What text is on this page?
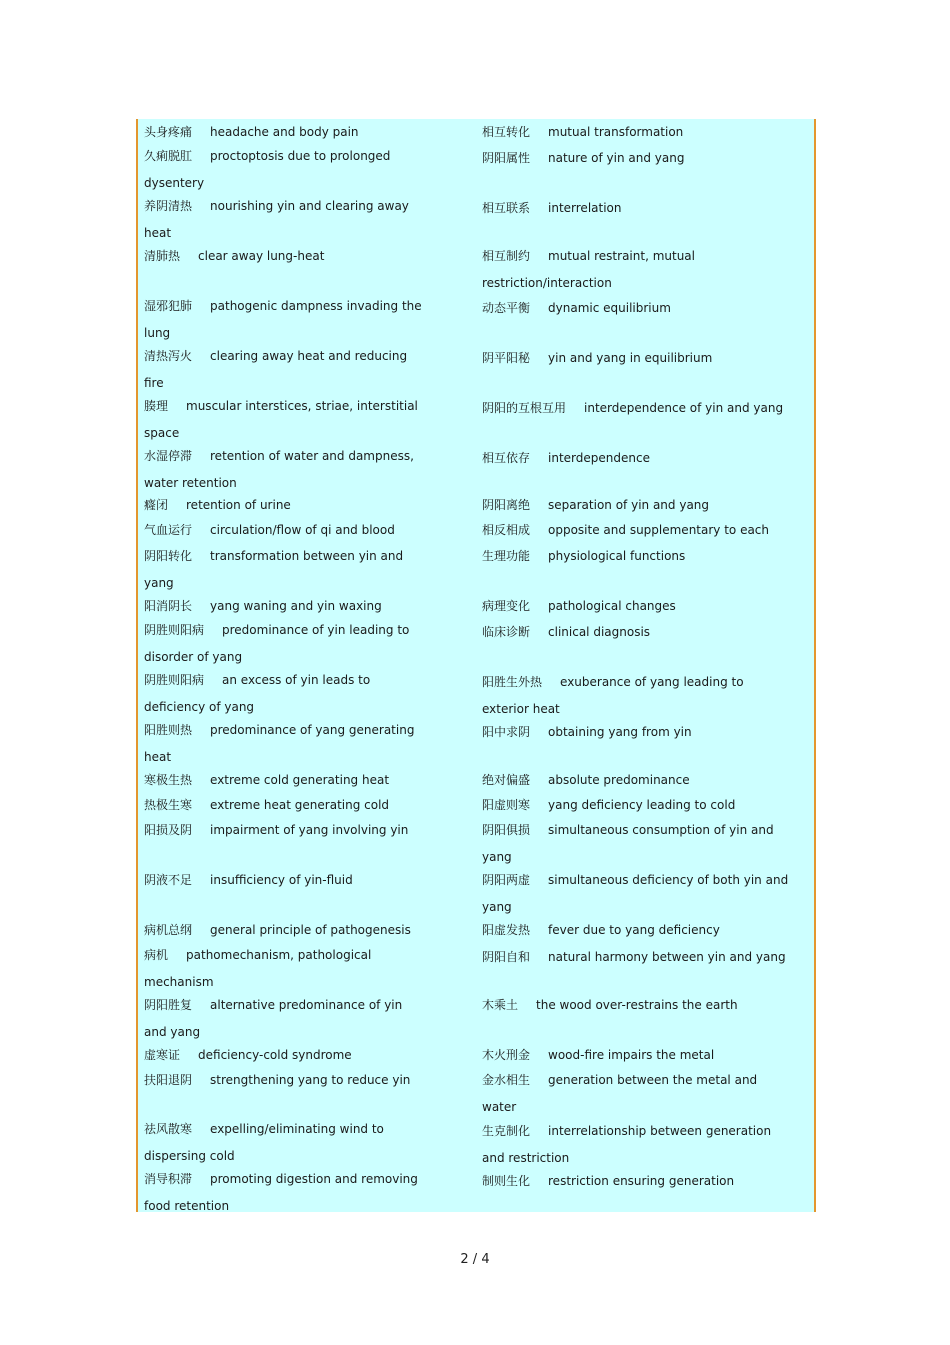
头身疼痛 headache and body pain
久痢脱肛 proctoptosis due to prolonged
dysentery
养阴清热 nourishing yin and clearing away
heat
清肺热 clear away lung-heat
湿邪犯肺 pathogenic dampness invading the
lung
清热泻火 clearing away heat and reducing
fire
腠理 muscular interstices, striae, interstitial
space
水湿停滞 retention of water and dampness,
water retention
癃闭 retention of urine
气血运行 circulation/flow of qi and blood
阴阳转化 transformation between yin and
yang
阳消阴长 yang waning and yin waxing
阴胜则阳病 predominance of yin leading to
disorder of yang
阴胜则阳病 an excess of yin leads to
deficiency of yang
阳胜则热 predominance of yang generating
heat
寒极生热 extreme cold generating heat
热极生寒 extreme heat generating cold
阳损及阴 impairment of yang involving yin
阴液不足 insufficiency of yin-fluid
病机总纲 general principle of pathogenesis
病机 pathomechanism, pathological
mechanism
阴阳胜复 alternative predominance of yin
and yang
虚寒证 deficiency-cold syndrome
扶阳退阴 strengthening yang to reduce yin
祛风散寒 expelling/eliminating wind to
dispersing cold
消导积滞 promoting digestion and removing
food retention
相互转化 mutual transformation
阴阳属性 nature of yin and yang
相互联系 interrelation
相互制约 mutual restraint, mutual
restriction/interaction
动态平衡 dynamic equilibrium
阴平阳秘 yin and yang in equilibrium
阴阳的互根互用 interdependence of yin and yang
相互依存 interdependence
阴阳离绝 separation of yin and yang
相反相成 opposite and supplementary to each
生理功能 physiological functions
病理变化 pathological changes
临床诊断 clinical diagnosis
阳胜生外热 exuberance of yang leading to
exterior heat
阳中求阴 obtaining yang from yin
绝对偏盛 absolute predominance
阳虚则寒 yang deficiency leading to cold
阴阳俱损 simultaneous consumption of yin and
yang
阴阳两虚 simultaneous deficiency of both yin and
yang
阳虚发热 fever due to yang deficiency
阴阳自和 natural harmony between yin and yang
木乘土 the wood over-restrains the earth
木火刑金 wood-fire impairs the metal
金水相生 generation between the metal and
water
生克制化 interrelationship between generation
and restriction
制则生化 restriction ensuring generation
2 / 4
